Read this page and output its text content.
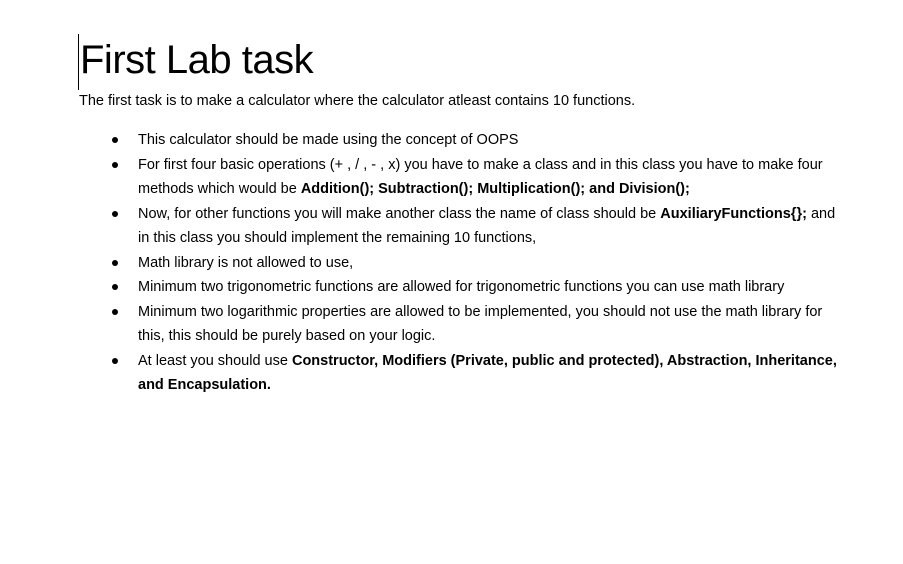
First Lab task

The first task is to make a calculator where the calculator atleast contains 10 functions.

This calculator should be made using the concept of OOPS
For first four basic operations (+ , / , - , x) you have to make a class and in this class you have to make four methods which would be Addition(); Subtraction(); Multiplication(); and Division();
Now, for other functions you will make another class the name of class should be AuxiliaryFunctions{}; and in this class you should implement the remaining 10 functions,
Math library is not allowed to use,
Minimum two trigonometric functions are allowed for trigonometric functions you can use math library
Minimum two logarithmic properties are allowed to be implemented, you should not use the math library for this, this should be purely based on your logic.
At least you should use Constructor, Modifiers (Private, public and protected), Abstraction, Inheritance, and Encapsulation.
